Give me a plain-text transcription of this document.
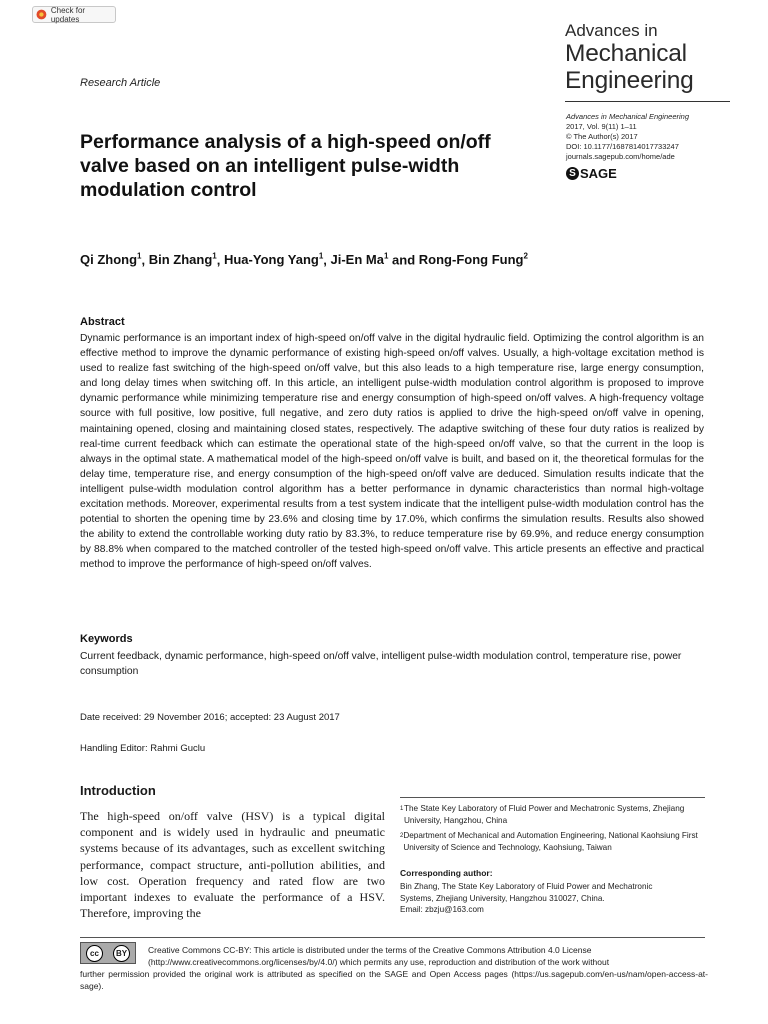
Check for updates
Advances in
Mechanical
Engineering
Advances in Mechanical Engineering
2017, Vol. 9(11) 1–11
© The Author(s) 2017
DOI: 10.1177/1687814017733247
journals.sagepub.com/home/ade
S SAGE
Research Article
Performance analysis of a high-speed on/off valve based on an intelligent pulse-width modulation control
Qi Zhong$^1$, Bin Zhang$^1$, Hua-Yong Yang$^1$, Ji-En Ma$^1$ and Rong-Fong Fung$^2$
Abstract
Dynamic performance is an important index of high-speed on/off valve in the digital hydraulic field. Optimizing the control algorithm is an effective method to improve the dynamic performance of existing high-speed on/off valves. Usually, a high-voltage excitation method is used to realize fast switching of the high-speed on/off valve, but this also leads to a high temperature rise, large energy consumption, and long delay times when switching off. In this article, an intelligent pulse-width modulation control algorithm is proposed to improve dynamic performance while minimizing temperature rise and energy consumption of high-speed on/off valves. A high-frequency voltage source with full positive, low positive, full negative, and zero duty ratios is applied to drive the high-speed on/off valve in opening, maintaining opened, closing and maintaining closed states, respectively. The adaptive switching of these four duty ratios is realized by real-time current feedback which can estimate the operational state of the high-speed on/off valve, so that the current in the loop is always in the optimal state. A mathematical model of the high-speed on/off valve is built, and based on it, the theoretical formulas for the delay time, temperature rise, and energy consumption of the high-speed on/off valve are deduced. Simulation results indicate that the intelligent pulse-width modulation control algorithm has a better performance in dynamic characteristics than normal high-voltage excitation methods. Moreover, experimental results from a test system indicate that the intelligent pulse-width modulation control has the potential to shorten the opening time by 23.6% and closing time by 17.0%, which confirms the simulation results. Results also showed the ability to extend the controllable working duty ratio by 83.3%, to reduce temperature rise by 69.9%, and reduce energy consumption by 88.8% when compared to the matched controller of the tested high-speed on/off valve. This article presents an effective and practical method to improve the performance of high-speed on/off valves.
Keywords
Current feedback, dynamic performance, high-speed on/off valve, intelligent pulse-width modulation control, temperature rise, power consumption
Date received: 29 November 2016; accepted: 23 August 2017
Handling Editor: Rahmi Guclu
Introduction
The high-speed on/off valve (HSV) is a typical digital component and is widely used in hydraulic and pneumatic systems because of its advantages, such as excellent switching performance, compact structure, anti-pollution abilities, and low cost. Operation frequency and rated flow are two important indexes to evaluate the performance of a HSV. Therefore, improving the
1 The State Key Laboratory of Fluid Power and Mechatronic Systems, Zhejiang University, Hangzhou, China
2 Department of Mechanical and Automation Engineering, National Kaohsiung First University of Science and Technology, Kaohsiung, Taiwan
Corresponding author:
Bin Zhang, The State Key Laboratory of Fluid Power and Mechatronic
Systems, Zhejiang University, Hangzhou 310027, China.
Email: zbzju@163.com
cc	BY	Creative Commons CC-BY: This article is distributed under the terms of the Creative Commons Attribution 4.0 License (http://www.creativecommons.org/licenses/by/4.0/) which permits any use, reproduction and distribution of the work without
further permission provided the original work is attributed as specified on the SAGE and Open Access pages (https://us.sagepub.com/en-us/nam/open-access-at-sage).
